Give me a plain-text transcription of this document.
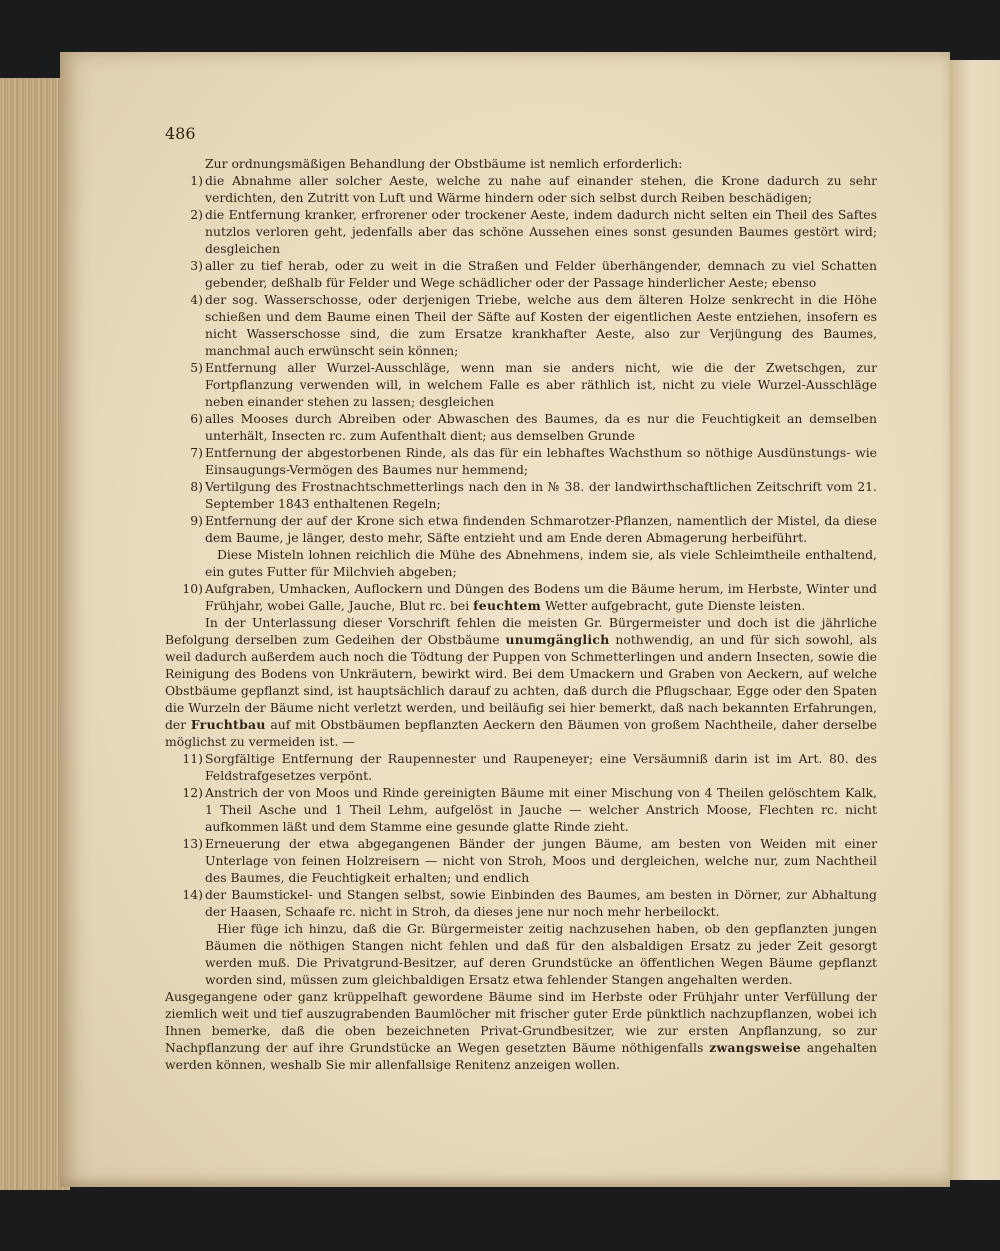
486

Zur ordnungsmäßigen Behandlung der Obstbäume ist nemlich erforderlich:

1) die Abnahme aller solcher Aeste, welche zu nahe auf einander stehen, die Krone dadurch zu sehr verdichten, den Zutritt von Luft und Wärme hindern oder sich selbst durch Reiben beschädigen;

2) die Entfernung kranker, erfrorener oder trockener Aeste, indem dadurch nicht selten ein Theil des Saftes nutzlos verloren geht, jedenfalls aber das schöne Aussehen eines sonst gesunden Baumes gestört wird; desgleichen

3) aller zu tief herab, oder zu weit in die Straßen und Felder überhängender, demnach zu viel Schatten gebender, deßhalb für Felder und Wege schädlicher oder der Passage hinderlicher Aeste; ebenso

4) der sog. Wasserschosse, oder derjenigen Triebe, welche aus dem älteren Holze senkrecht in die Höhe schießen und dem Baume einen Theil der Säfte auf Kosten der eigentlichen Aeste entziehen, insofern es nicht Wasserschosse sind, die zum Ersatze krankhafter Aeste, also zur Verjüngung des Baumes, manchmal auch erwünscht sein können;

5) Entfernung aller Wurzel-Ausschläge, wenn man sie anders nicht, wie die der Zwetschgen, zur Fortpflanzung verwenden will, in welchem Falle es aber räthlich ist, nicht zu viele Wurzel-Ausschläge neben einander stehen zu lassen; desgleichen

6) alles Mooses durch Abreiben oder Abwaschen des Baumes, da es nur die Feuchtigkeit an demselben unterhält, Insecten rc. zum Aufenthalt dient; aus demselben Grunde

7) Entfernung der abgestorbenen Rinde, als das für ein lebhaftes Wachsthum so nöthige Ausdünstungs- wie Einsaugungs-Vermögen des Baumes nur hemmend;

8) Vertilgung des Frostnachtschmetterlings nach den in № 38. der landwirthschaftlichen Zeitschrift vom 21. September 1843 enthaltenen Regeln;

9) Entfernung der auf der Krone sich etwa findenden Schmarotzer-Pflanzen, namentlich der Mistel, da diese dem Baume, je länger, desto mehr, Säfte entzieht und am Ende deren Abmagerung herbeiführt.

Diese Misteln lohnen reichlich die Mühe des Abnehmens, indem sie, als viele Schleimtheile enthaltend, ein gutes Futter für Milchvieh abgeben;

10) Aufgraben, Umhacken, Auflockern und Düngen des Bodens um die Bäume herum, im Herbste, Winter und Frühjahr, wobei Galle, Jauche, Blut rc. bei feuchtem Wetter aufgebracht, gute Dienste leisten.

In der Unterlassung dieser Vorschrift fehlen die meisten Gr. Bürgermeister und doch ist die jährliche Befolgung derselben zum Gedeihen der Obstbäume unumgänglich nothwendig, an und für sich sowohl, als weil dadurch außerdem auch noch die Tödtung der Puppen von Schmetterlingen und andern Insecten, sowie die Reinigung des Bodens von Unkräutern, bewirkt wird. Bei dem Umackern und Graben von Aeckern, auf welche Obstbäume gepflanzt sind, ist hauptsächlich darauf zu achten, daß durch die Pflugschaar, Egge oder den Spaten die Wurzeln der Bäume nicht verletzt werden, und beiläufig sei hier bemerkt, daß nach bekannten Erfahrungen, der Fruchtbau auf mit Obstbäumen bepflanzten Aeckern den Bäumen von großem Nachtheile, daher derselbe möglichst zu vermeiden ist. —

11) Sorgfältige Entfernung der Raupennester und Raupeneyer; eine Versäumniß darin ist im Art. 80. des Feldstrafgesetzes verpönt.

12) Anstrich der von Moos und Rinde gereinigten Bäume mit einer Mischung von 4 Theilen gelöschtem Kalk, 1 Theil Asche und 1 Theil Lehm, aufgelöst in Jauche — welcher Anstrich Moose, Flechten rc. nicht aufkommen läßt und dem Stamme eine gesunde glatte Rinde zieht.

13) Erneuerung der etwa abgegangenen Bänder der jungen Bäume, am besten von Weiden mit einer Unterlage von feinen Holzreisern — nicht von Stroh, Moos und dergleichen, welche nur, zum Nachtheil des Baumes, die Feuchtigkeit erhalten; und endlich

14) der Baumstickel- und Stangen selbst, sowie Einbinden des Baumes, am besten in Dörner, zur Abhaltung der Haasen, Schaafe rc. nicht in Stroh, da dieses jene nur noch mehr herbeilockt.

Hier füge ich hinzu, daß die Gr. Bürgermeister zeitig nachzusehen haben, ob den gepflanzten jungen Bäumen die nöthigen Stangen nicht fehlen und daß für den alsbaldigen Ersatz zu jeder Zeit gesorgt werden muß. Die Privatgrund-Besitzer, auf deren Grundstücke an öffentlichen Wegen Bäume gepflanzt worden sind, müssen zum gleichbaldigen Ersatz etwa fehlender Stangen angehalten werden.

Ausgegangene oder ganz krüppelhaft gewordene Bäume sind im Herbste oder Frühjahr unter Verfüllung der ziemlich weit und tief auszugrabenden Baumlöcher mit frischer guter Erde pünktlich nachzupflanzen, wobei ich Ihnen bemerke, daß die oben bezeichneten Privat-Grundbesitzer, wie zur ersten Anpflanzung, so zur Nachpflanzung der auf ihre Grundstücke an Wegen gesetzten Bäume nöthigenfalls zwangsweise angehalten werden können, weshalb Sie mir allenfallsige Renitenz anzeigen wollen.
